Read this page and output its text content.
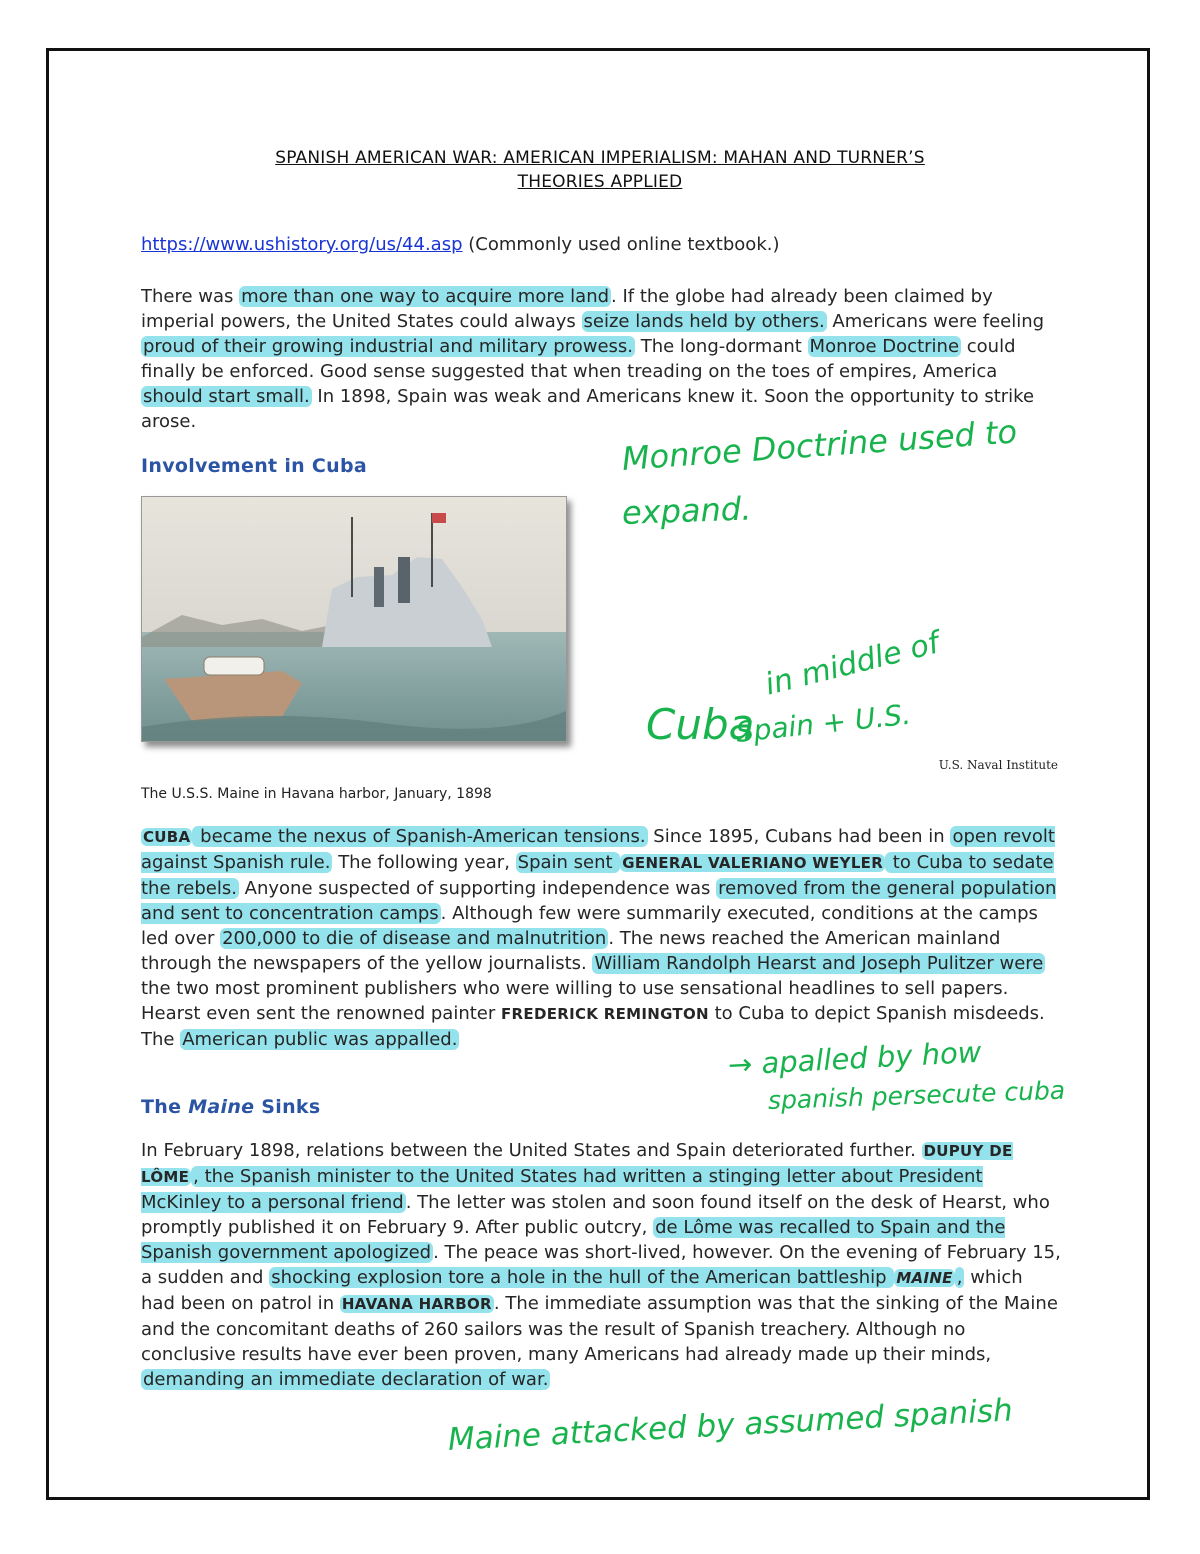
SPANISH AMERICAN WAR: AMERICAN IMPERIALISM: MAHAN AND TURNER’S
THEORIES APPLIED

https://www.ushistory.org/us/44.asp (Commonly used online textbook.)

There was more than one way to acquire more land . If the globe had already been claimed by imperial powers, the United States could always seize lands held by others. Americans were feeling proud of their growing industrial and military prowess. The long-dormant Monroe Doctrine could finally be enforced. Good sense suggested that when treading on the toes of empires, America should start small. In 1898, Spain was weak and Americans knew it. Soon the opportunity to strike arose.

Involvement in Cuba

U.S. Naval Institute
The U.S.S. Maine in Havana harbor, January, 1898

CUBA became the nexus of Spanish-American tensions. Since 1895, Cubans had been in open revolt against Spanish rule. The following year, Spain sent GENERAL VALERIANO WEYLER to Cuba to sedate the rebels. Anyone suspected of supporting independence was removed from the general population and sent to concentration camps . Although few were summarily executed, conditions at the camps led over 200,000 to die of disease and malnutrition . The news reached the American mainland through the newspapers of the yellow journalists. William Randolph Hearst and Joseph Pulitzer were the two most prominent publishers who were willing to use sensational headlines to sell papers. Hearst even sent the renowned painter FREDERICK REMINGTON to Cuba to depict Spanish misdeeds. The American public was appalled.

The Maine Sinks

In February 1898, relations between the United States and Spain deteriorated further. DUPUY DE LÔME , the Spanish minister to the United States had written a stinging letter about President McKinley to a personal friend . The letter was stolen and soon found itself on the desk of Hearst, who promptly published it on February 9. After public outcry, de Lôme was recalled to Spain and the Spanish government apologized . The peace was short-lived, however. On the evening of February 15, a sudden and shocking explosion tore a hole in the hull of the American battleship MAINE , which had been on patrol in HAVANA HARBOR . The immediate assumption was that the sinking of the Maine and the concomitant deaths of 260 sailors was the result of Spanish treachery. Although no conclusive results have ever been proven, many Americans had already made up their minds, demanding an immediate declaration of war.

Monroe Doctrine used to
expand.
Cuba
in middle of
Spain + U.S.
→ apalled by how
spanish persecute cuba
Maine attacked by assumed spanish
